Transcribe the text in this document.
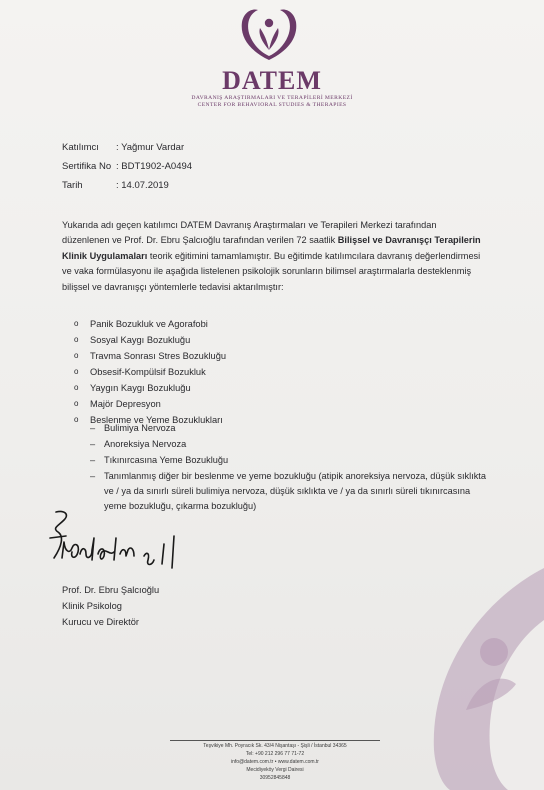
DATEM
DAVRANIŞ ARAŞTIRMALARI VE TERAPİLERİ MERKEZİ
CENTER FOR BEHAVIORAL STUDIES & THERAPIES
Katılımcı	: Yağmur Vardar
Sertifika No : BDT1902-A0494
Tarih	: 14.07.2019
Yukarıda adı geçen katılımcı DATEM Davranış Araştırmaları ve Terapileri Merkezi tarafından düzenlenen ve Prof. Dr. Ebru Şalcıoğlu tarafından verilen 72 saatlik Bilişsel ve Davranışçı Terapilerin Klinik Uygulamaları teorik eğitimini tamamlamıştır. Bu eğitimde katılımcılara davranış değerlendirmesi ve vaka formülasyonu ile aşağıda listelenen psikolojik sorunların bilimsel araştırmalarla desteklenmiş bilişsel ve davranışçı yöntemlerle tedavisi aktarılmıştır:
o	Panik Bozukluk ve Agorafobi
o	Sosyal Kaygı Bozukluğu
o	Travma Sonrası Stres Bozukluğu
o	Obsesif-Kompülsif Bozukluk
o	Yaygın Kaygı Bozukluğu
o	Majör Depresyon
o	Beslenme ve Yeme Bozuklukları
– Bulimiya Nervoza
– Anoreksiya Nervoza
– Tıkınırcasına Yeme Bozukluğu
– Tanımlanmış diğer bir beslenme ve yeme bozukluğu (atipik anoreksiya nervoza, düşük sıklıkta ve / ya da sınırlı süreli bulimiya nervoza, düşük sıklıkta ve / ya da sınırlı süreli tıkınırcasına yeme bozukluğu, çıkarma bozukluğu)
Prof. Dr. Ebru Şalcıoğlu
Klinik Psikolog
Kurucu ve Direktör
Teşvikiye Mh. Poyracık Sk. 43/4 Nişantaşı - Şişli / İstanbul 34365
Tel: +90 212 296 77 71-72
info@datem.com.tr • www.datem.com.tr
Mecidiyeköy Vergi Dairesi
30952845848
